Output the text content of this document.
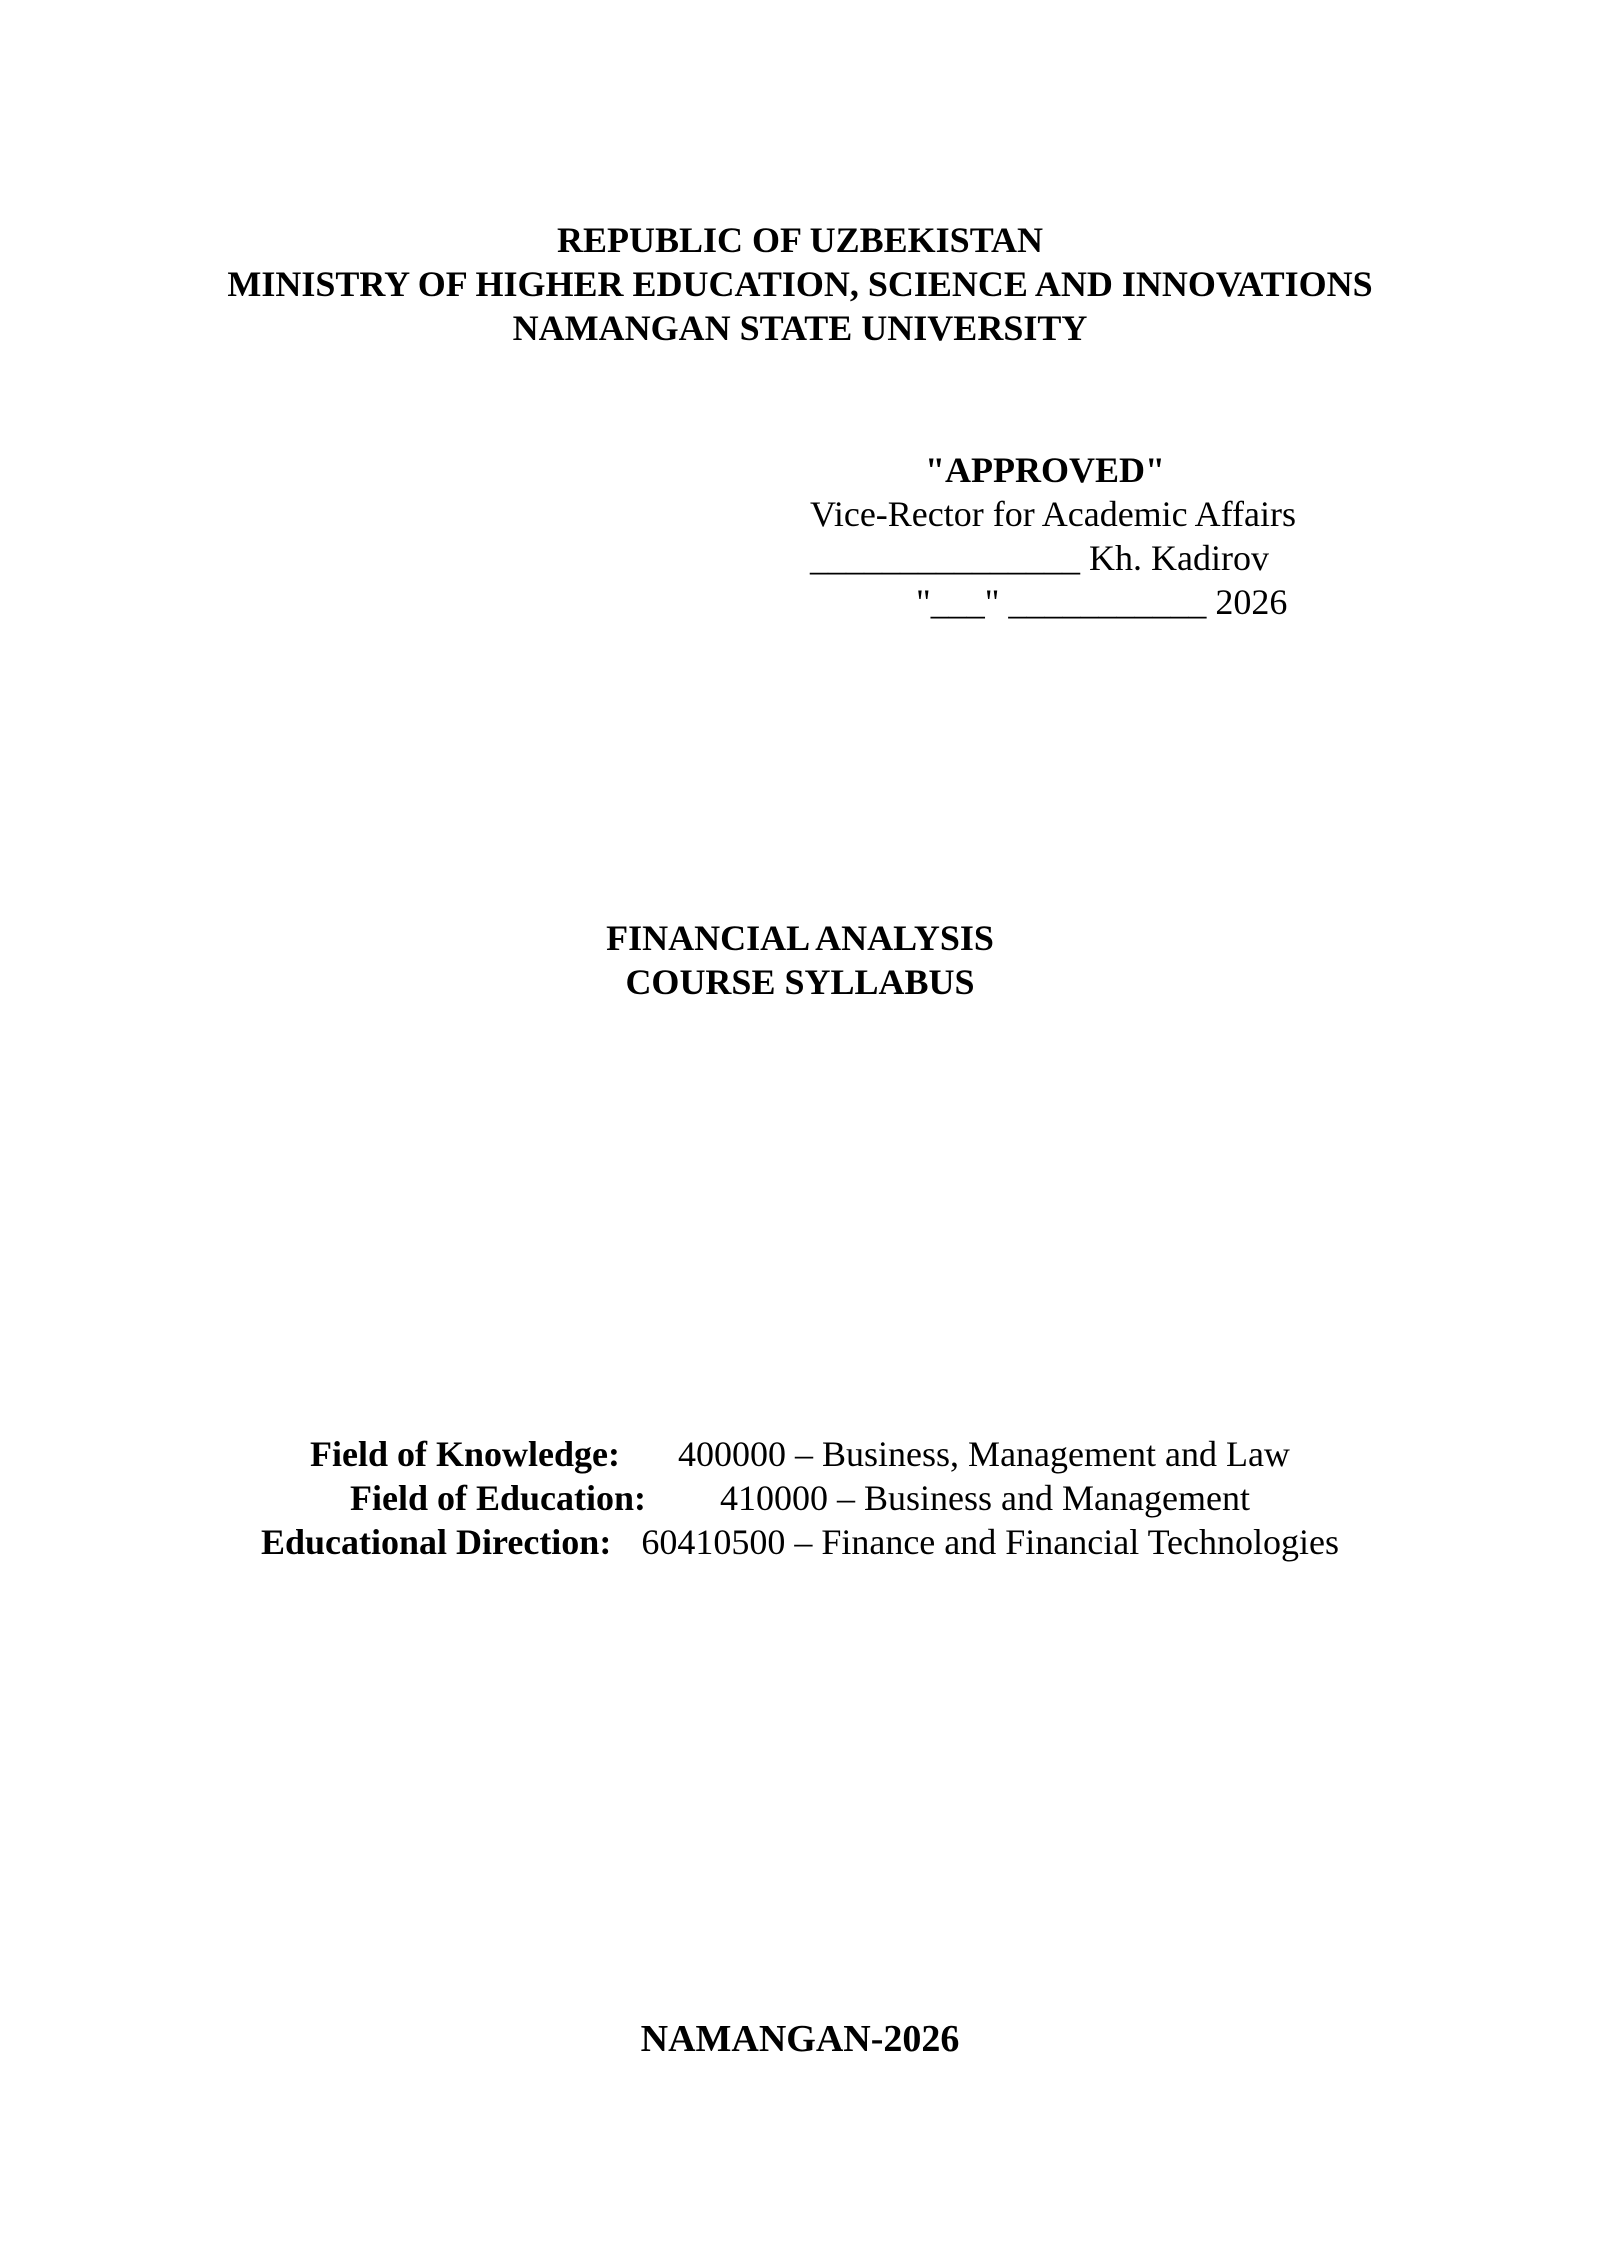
REPUBLIC OF UZBEKISTAN
MINISTRY OF HIGHER EDUCATION, SCIENCE AND INNOVATIONS
NAMANGAN STATE UNIVERSITY
"APPROVED"
Vice-Rector for Academic Affairs
_______________ Kh. Kadirov
"___" ___________ 2026
FINANCIAL ANALYSIS
COURSE SYLLABUS
Field of Knowledge: 400000 – Business, Management and Law
Field of Education: 410000 – Business and Management
Educational Direction: 60410500 – Finance and Financial Technologies
NAMANGAN-2026
